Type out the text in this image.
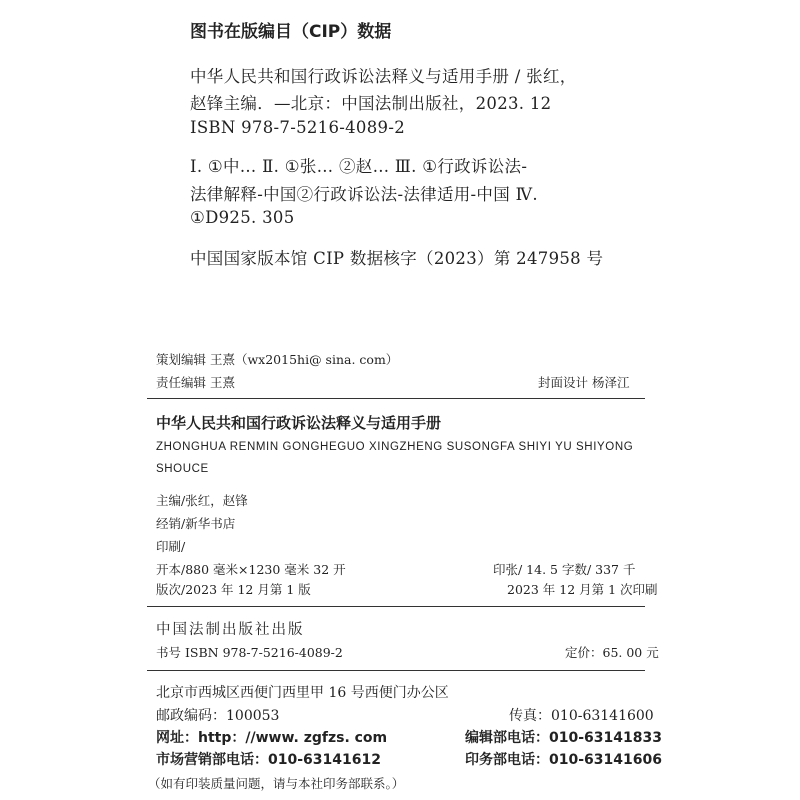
图书在版编目（CIP）数据
中华人民共和国行政诉讼法释义与适用手册 / 张红，
赵锋主编．—北京：中国法制出版社，2023. 12
ISBN 978-7-5216-4089-2
Ⅰ. ①中… Ⅱ. ①张… ②赵… Ⅲ. ①行政诉讼法-
法律解释-中国②行政诉讼法-法律适用-中国 Ⅳ.
①D925. 305
中国国家版本馆 CIP 数据核字（2023）第 247958 号
策划编辑 王熹（wx2015hi@ sina. com）
责任编辑 王熹	封面设计 杨泽江
中华人民共和国行政诉讼法释义与适用手册
ZHONGHUA RENMIN GONGHEGUO XINGZHENG SUSONGFA SHIYI YU SHIYONG
SHOUCE
主编/张红，赵锋
经销/新华书店
印刷/
开本/880 毫米×1230 毫米 32 开	印张/ 14. 5 字数/ 337 千
版次/2023 年 12 月第 1 版	2023 年 12 月第 1 次印刷
中国法制出版社出版
书号 ISBN 978-7-5216-4089-2	定价：65. 00 元
北京市西城区西便门西里甲 16 号西便门办公区
邮政编码：100053	传真：010-63141600
网址：http：//www. zgfzs. com	编辑部电话：010-63141833
市场营销部电话：010-63141612	印务部电话：010-63141606
（如有印装质量问题，请与本社印务部联系。）
